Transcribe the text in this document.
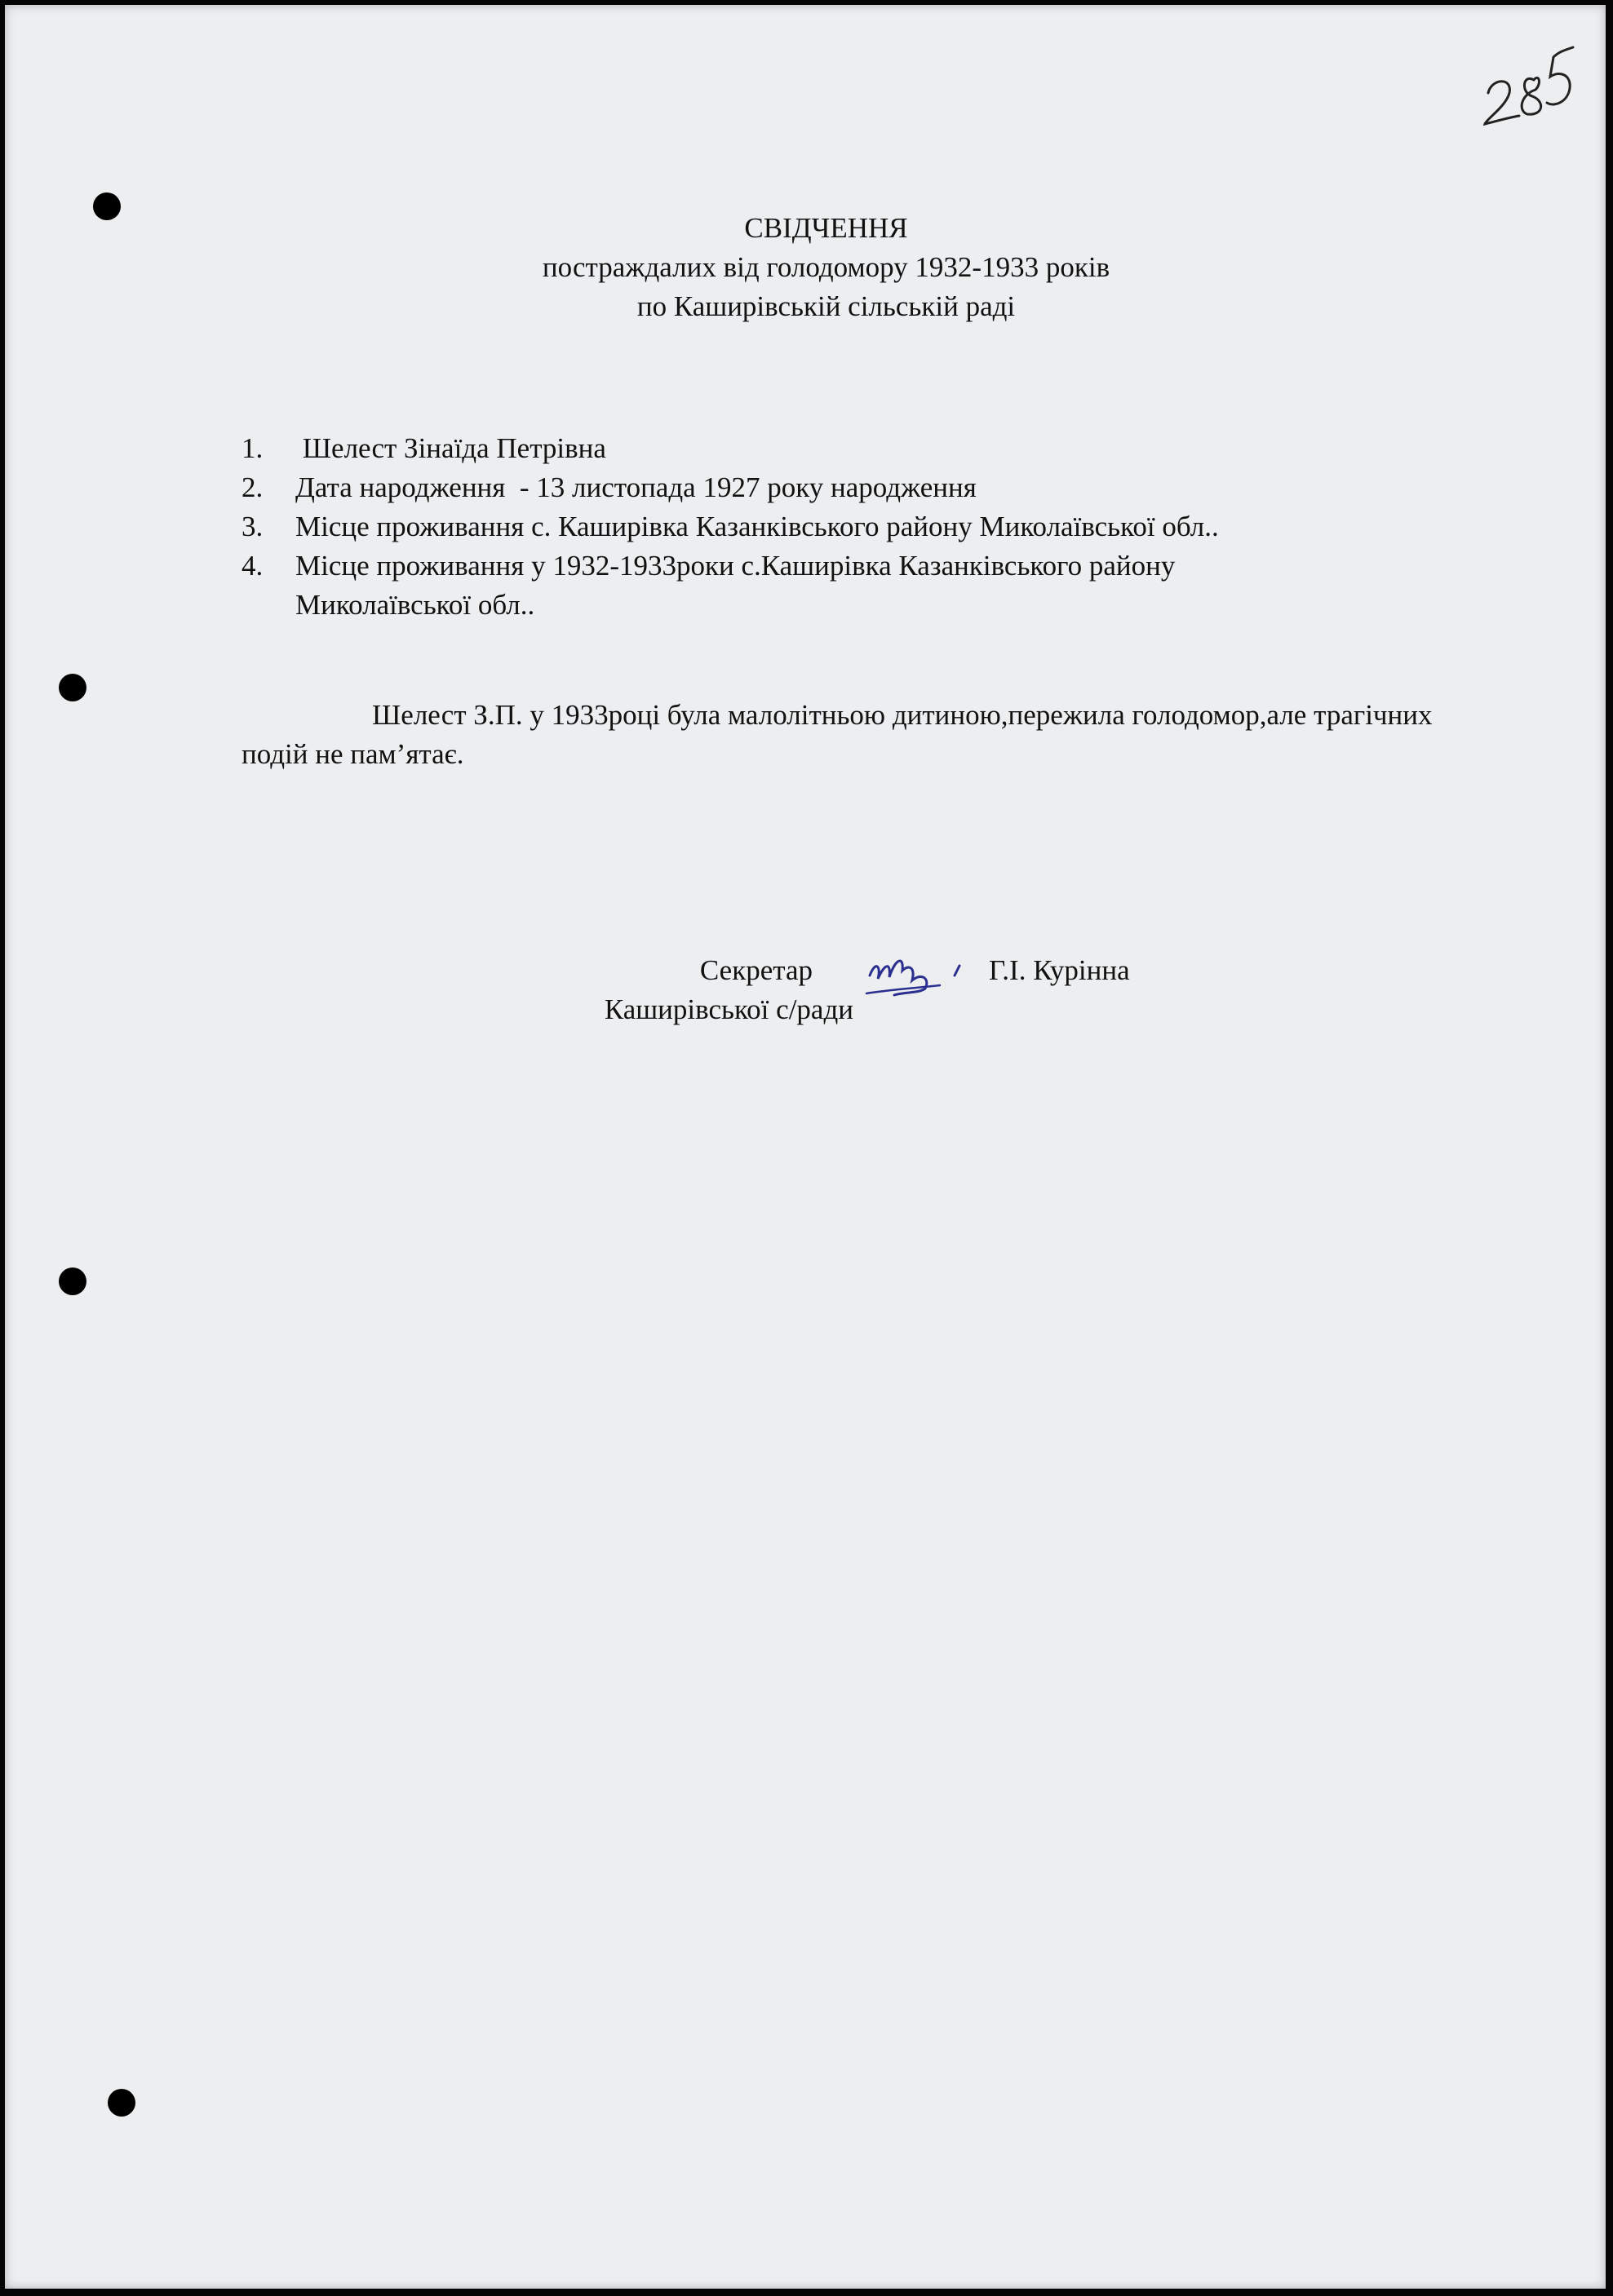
СВІДЧЕННЯ
постраждалих від голодомору 1932-1933 років
по Каширівській сільській раді
1.	Шелест Зінаїда Петрівна
2.	Дата народження  - 13 листопада 1927 року народження
3.	Місце проживання с. Каширівка Казанківського району Миколаївської обл..
4.	Місце проживання у 1932-1933роки с.Каширівка Казанківського району Миколаївської обл..
Шелест З.П. у 1933році була малолітньою дитиною,пережила голодомор,але трагічних подій не пам’ятає.
Секретар
Каширівської с/ради
Г.І. Курінна
